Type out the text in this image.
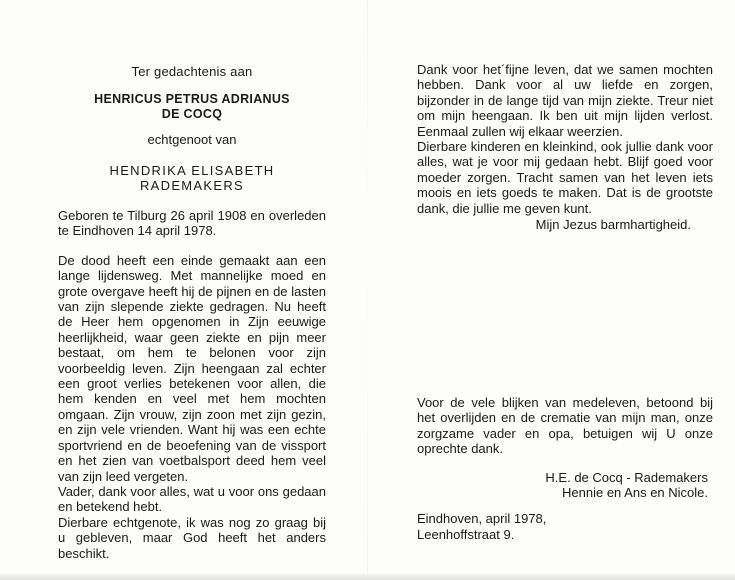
Ter gedachtenis aan
HENRICUS PETRUS ADRIANUS
DE COCQ
echtgenoot van
HENDRIKA ELISABETH RADEMAKERS

Geboren te Tilburg 26 april 1908 en overleden te Eindhoven 14 april 1978.

De dood heeft een einde gemaakt aan een lange lijdensweg. Met mannelijke moed en grote overgave heeft hij de pijnen en de lasten van zijn slepende ziekte gedragen. Nu heeft de Heer hem opgenomen in Zijn eeuwige heerlijkheid, waar geen ziekte en pijn meer bestaat, om hem te belonen voor zijn voorbeeldig leven. Zijn heengaan zal echter een groot verlies betekenen voor allen, die hem kenden en veel met hem mochten omgaan. Zijn vrouw, zijn zoon met zijn gezin, en zijn vele vrienden. Want hij was een echte sportvriend en de beoefening van de vissport en het zien van voetbalsport deed hem veel van zijn leed vergeten.

Vader, dank voor alles, wat u voor ons gedaan en betekend hebt.

Dierbare echtgenote, ik was nog zo graag bij u gebleven, maar God heeft het anders beschikt.

Dank voor het´fijne leven, dat we samen mochten hebben. Dank voor al uw liefde en zorgen, bijzonder in de lange tijd van mijn ziekte. Treur niet om mijn heengaan. Ik ben uit mijn lijden verlost. Eenmaal zullen wij elkaar weerzien.

Dierbare kinderen en kleinkind, ook jullie dank voor alles, wat je voor mij gedaan hebt. Blijf goed voor moeder zorgen. Tracht samen van het leven iets moois en iets goeds te maken. Dat is de grootste dank, die jullie me geven kunt.

Mijn Jezus barmhartigheid.

Voor de vele blijken van medeleven, betoond bij het overlijden en de crematie van mijn man, onze zorgzame vader en opa, betuigen wij U onze oprechte dank.

H.E. de Cocq - Rademakers
Hennie en Ans en Nicole.
Eindhoven, april 1978,
Leenhoffstraat 9.
